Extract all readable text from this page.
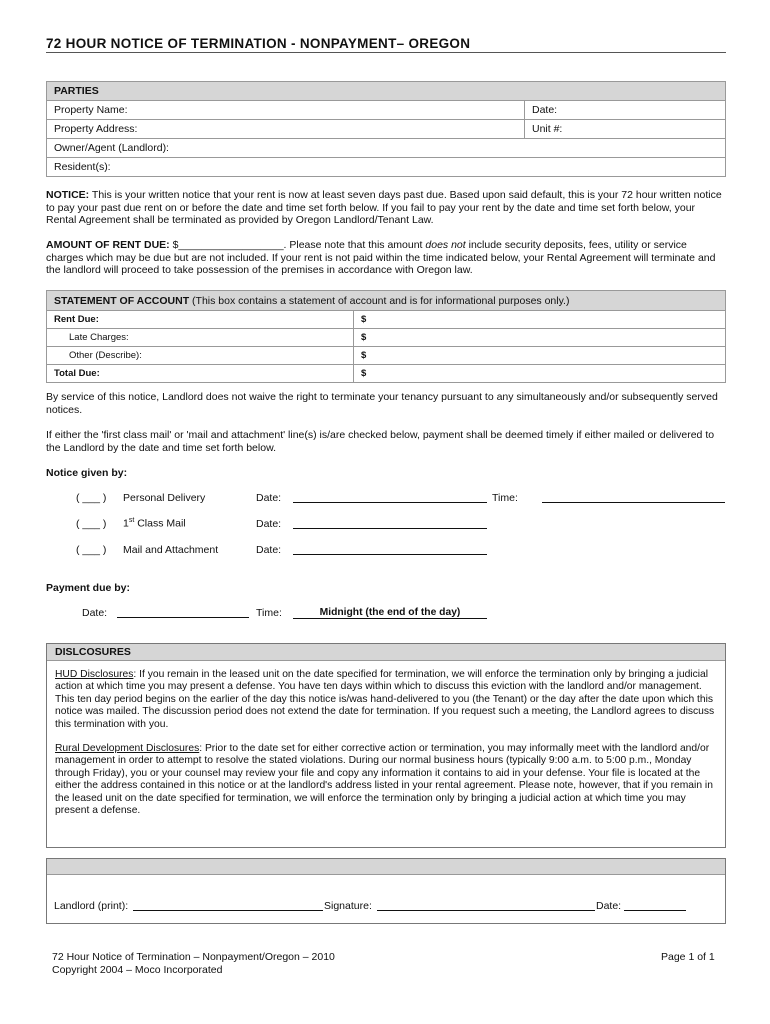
72 HOUR NOTICE OF TERMINATION - NONPAYMENT– OREGON
PARTIES	
Property Name:	Date:
Property Address:	Unit #:
Owner/Agent (Landlord):	
Resident(s):	
NOTICE: This is your written notice that your rent is now at least seven days past due. Based upon said default, this is your 72 hour written notice to pay your past due rent on or before the date and time set forth below. If you fail to pay your rent by the date and time set forth below, your Rental Agreement shall be terminated as provided by Oregon Landlord/Tenant Law.
AMOUNT OF RENT DUE: $__________________. Please note that this amount does not include security deposits, fees, utility or service charges which may be due but are not included. If your rent is not paid within the time indicated below, your Rental Agreement will terminate and the landlord will proceed to take possession of the premises in accordance with Oregon law.
STATEMENT OF ACCOUNT (This box contains a statement of account and is for informational purposes only.)	
Rent Due:	$
Late Charges:	$
Other (Describe):	$
Total Due:	$
By service of this notice, Landlord does not waive the right to terminate your tenancy pursuant to any simultaneously and/or subsequently served notices.
If either the 'first class mail' or 'mail and attachment' line(s) is/are checked below, payment shall be deemed timely if either mailed or delivered to the Landlord by the date and time set forth below.
Notice given by:
( ___ ) Personal Delivery	Date:	Time:
( ___ ) 1st Class Mail	Date:
( ___ ) Mail and Attachment	Date:
Payment due by:
Date:	Time:	Midnight (the end of the day)
DISLCOSURES

HUD Disclosures: If you remain in the leased unit on the date specified for termination, we will enforce the termination only by bringing a judicial action at which time you may present a defense. You have ten days within which to discuss this eviction with the landlord and/or management. This ten day period begins on the earlier of the day this notice is/was hand-delivered to you (the Tenant) or the day after the date upon which this notice was mailed. The discussion period does not extend the date for termination. If you request such a meeting, the Landlord agrees to discuss this termination with you.

Rural Development Disclosures: Prior to the date set for either corrective action or termination, you may informally meet with the landlord and/or management in order to attempt to resolve the stated violations. During our normal business hours (typically 9:00 a.m. to 5:00 p.m., Monday through Friday), you or your counsel may review your file and copy any information it contains to aid in your defense. Your file is located at the either the address contained in this notice or at the landlord's address listed in your rental agreement. Please note, however, that if you remain in the leased unit on the date specified for termination, we will enforce the termination only by bringing a judicial action at which time you may present a defense.

Landlord (print):	Signature:	Date:
72 Hour Notice of Termination – Nonpayment/Oregon – 2010
Copyright 2004 – Moco Incorporated
Page 1 of 1
